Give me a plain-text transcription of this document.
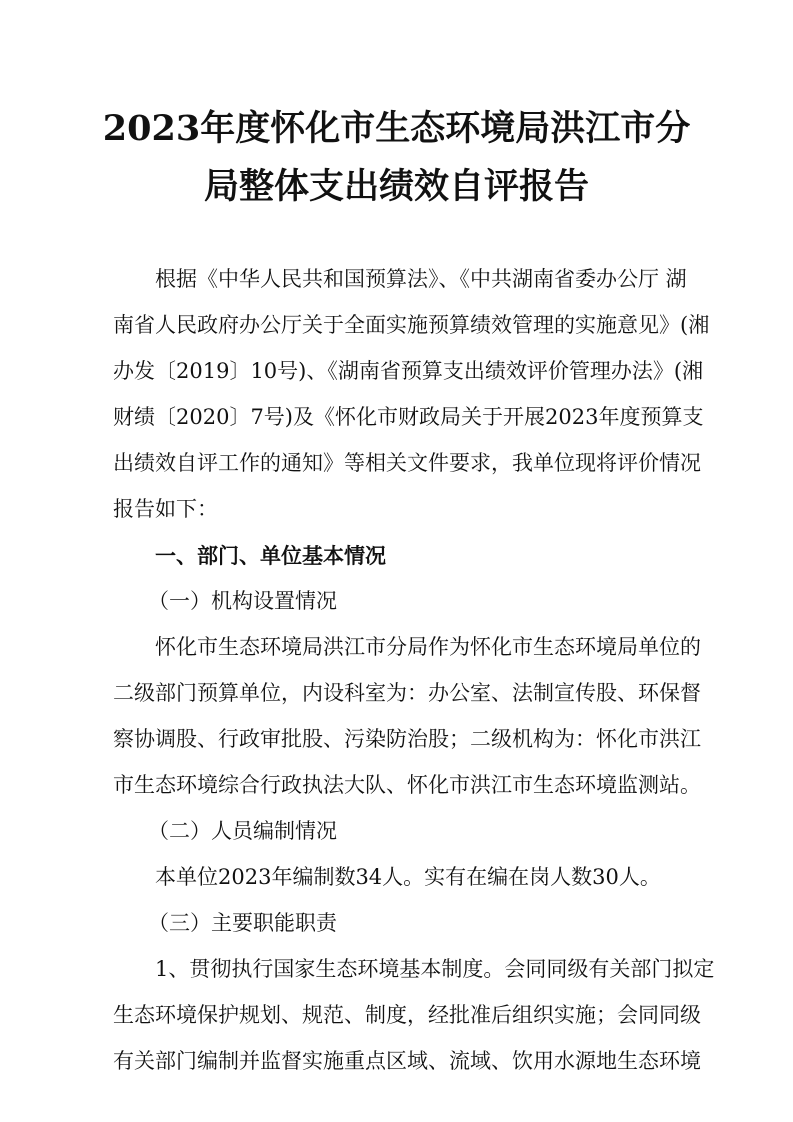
2023年度怀化市生态环境局洪江市分
局整体支出绩效自评报告
根据《中华人民共和国预算法》、《中共湖南省委办公厅 湖
南省人民政府办公厅关于全面实施预算绩效管理的实施意见》(湘
办发〔2019〕10号)、《湖南省预算支出绩效评价管理办法》(湘
财绩〔2020〕7号)及《怀化市财政局关于开展2023年度预算支
出绩效自评工作的通知》等相关文件要求，我单位现将评价情况
报告如下：
一、部门、单位基本情况
（一）机构设置情况
怀化市生态环境局洪江市分局作为怀化市生态环境局单位的
二级部门预算单位，内设科室为：办公室、法制宣传股、环保督
察协调股、行政审批股、污染防治股；二级机构为：怀化市洪江
市生态环境综合行政执法大队、怀化市洪江市生态环境监测站。
（二）人员编制情况
本单位2023年编制数34人。实有在编在岗人数30人。
（三）主要职能职责
1、贯彻执行国家生态环境基本制度。会同同级有关部门拟定
生态环境保护规划、规范、制度，经批准后组织实施；会同同级
有关部门编制并监督实施重点区域、流域、饮用水源地生态环境
